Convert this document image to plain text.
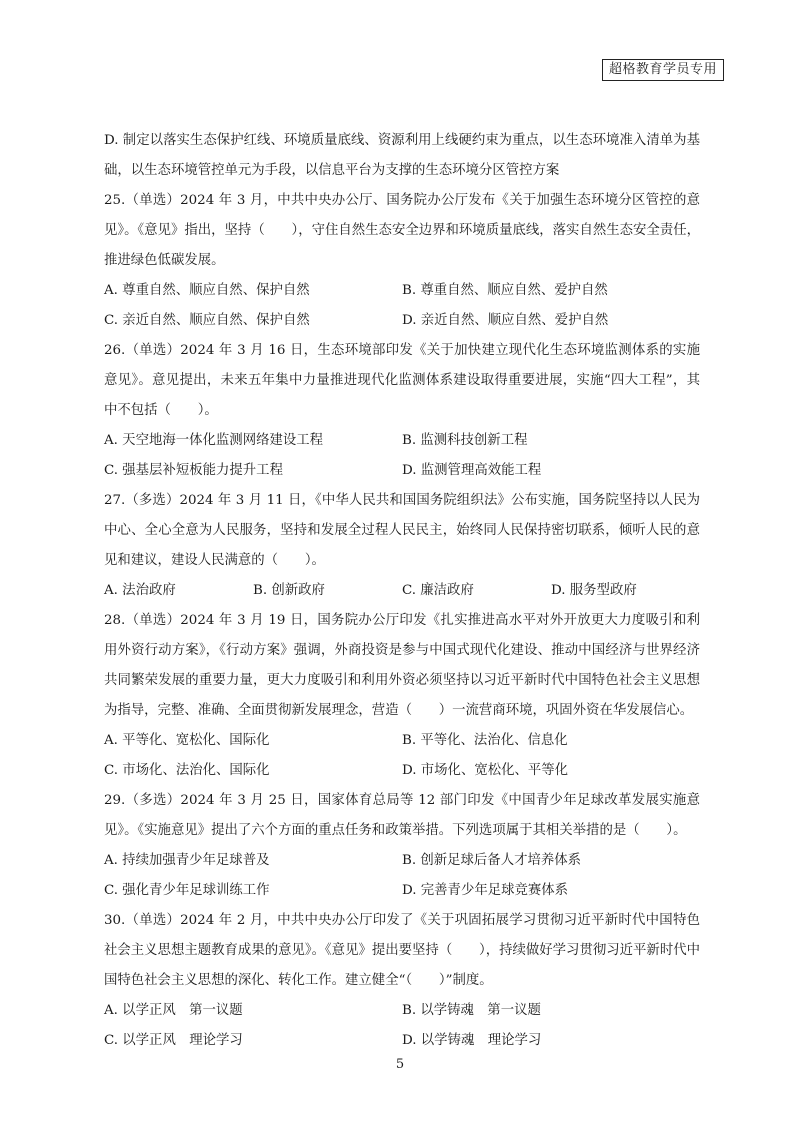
超格教育学员专用

D. 制定以落实生态保护红线、环境质量底线、资源利用上线硬约束为重点，以生态环境准入清单为基础，以生态环境管控单元为手段，以信息平台为支撑的生态环境分区管控方案

25.（单选）2024 年 3 月，中共中央办公厅、国务院办公厅发布《关于加强生态环境分区管控的意见》。《意见》指出，坚持（　　），守住自然生态安全边界和环境质量底线，落实自然生态安全责任，推进绿色低碳发展。

A. 尊重自然、顺应自然、保护自然	B. 尊重自然、顺应自然、爱护自然
C. 亲近自然、顺应自然、保护自然	D. 亲近自然、顺应自然、爱护自然

26.（单选）2024 年 3 月 16 日，生态环境部印发《关于加快建立现代化生态环境监测体系的实施意见》。意见提出，未来五年集中力量推进现代化监测体系建设取得重要进展，实施“四大工程”，其中不包括（　　）。

A. 天空地海一体化监测网络建设工程	B. 监测科技创新工程
C. 强基层补短板能力提升工程	D. 监测管理高效能工程

27.（多选）2024 年 3 月 11 日，《中华人民共和国国务院组织法》公布实施，国务院坚持以人民为中心、全心全意为人民服务，坚持和发展全过程人民民主，始终同人民保持密切联系，倾听人民的意见和建议，建设人民满意的（　　）。

A. 法治政府	B. 创新政府	C. 廉洁政府	D. 服务型政府

28.（单选）2024 年 3 月 19 日，国务院办公厅印发《扎实推进高水平对外开放更大力度吸引和利用外资行动方案》，《行动方案》强调，外商投资是参与中国式现代化建设、推动中国经济与世界经济共同繁荣发展的重要力量，更大力度吸引和利用外资必须坚持以习近平新时代中国特色社会主义思想为指导，完整、准确、全面贯彻新发展理念，营造（　　）一流营商环境，巩固外资在华发展信心。

A. 平等化、宽松化、国际化	B. 平等化、法治化、信息化
C. 市场化、法治化、国际化	D. 市场化、宽松化、平等化

29.（多选）2024 年 3 月 25 日，国家体育总局等 12 部门印发《中国青少年足球改革发展实施意见》。《实施意见》提出了六个方面的重点任务和政策举措。下列选项属于其相关举措的是（　　）。

A. 持续加强青少年足球普及	B. 创新足球后备人才培养体系
C. 强化青少年足球训练工作	D. 完善青少年足球竞赛体系

30.（单选）2024 年 2 月，中共中央办公厅印发了《关于巩固拓展学习贯彻习近平新时代中国特色社会主义思想主题教育成果的意见》。《意见》提出要坚持（　　），持续做好学习贯彻习近平新时代中国特色社会主义思想的深化、转化工作。建立健全“（　　）”制度。

A. 以学正风　第一议题	B. 以学铸魂　第一议题
C. 以学正风　理论学习	D. 以学铸魂　理论学习
5
